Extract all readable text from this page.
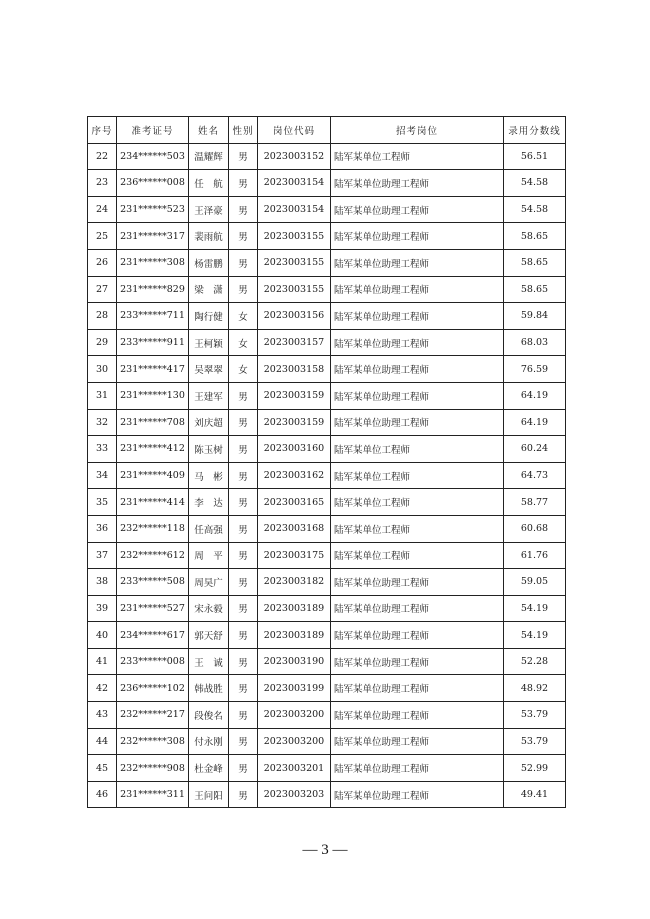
序号	准考证号	姓名	性别	岗位代码	招考岗位	录用分数线
22	234******503	温耀辉	男	2023003152	陆军某单位工程师	56.51
23	236******008	任　航	男	2023003154	陆军某单位助理工程师	54.58
24	231******523	王泽豪	男	2023003154	陆军某单位助理工程师	54.58
25	231******317	裴雨航	男	2023003155	陆军某单位助理工程师	58.65
26	231******308	杨雷鹏	男	2023003155	陆军某单位助理工程师	58.65
27	231******829	梁　潇	男	2023003155	陆军某单位助理工程师	58.65
28	233******711	陶行健	女	2023003156	陆军某单位助理工程师	59.84
29	233******911	王柯颖	女	2023003157	陆军某单位助理工程师	68.03
30	231******417	吴翠翠	女	2023003158	陆军某单位助理工程师	76.59
31	231******130	王建军	男	2023003159	陆军某单位助理工程师	64.19
32	231******708	刘庆超	男	2023003159	陆军某单位助理工程师	64.19
33	231******412	陈玉树	男	2023003160	陆军某单位工程师	60.24
34	231******409	马　彬	男	2023003162	陆军某单位工程师	64.73
35	231******414	李　达	男	2023003165	陆军某单位工程师	58.77
36	232******118	任高强	男	2023003168	陆军某单位工程师	60.68
37	232******612	周　平	男	2023003175	陆军某单位工程师	61.76
38	233******508	周昊广	男	2023003182	陆军某单位助理工程师	59.05
39	231******527	宋永毅	男	2023003189	陆军某单位助理工程师	54.19
40	234******617	郭天舒	男	2023003189	陆军某单位助理工程师	54.19
41	233******008	王　诚	男	2023003190	陆军某单位助理工程师	52.28
42	236******102	韩战胜	男	2023003199	陆军某单位助理工程师	48.92
43	232******217	段俊名	男	2023003200	陆军某单位助理工程师	53.79
44	232******308	付永刚	男	2023003200	陆军某单位助理工程师	53.79
45	232******908	杜金峰	男	2023003201	陆军某单位助理工程师	52.99
46	231******311	王问阳	男	2023003203	陆军某单位助理工程师	49.41
— 3 —
